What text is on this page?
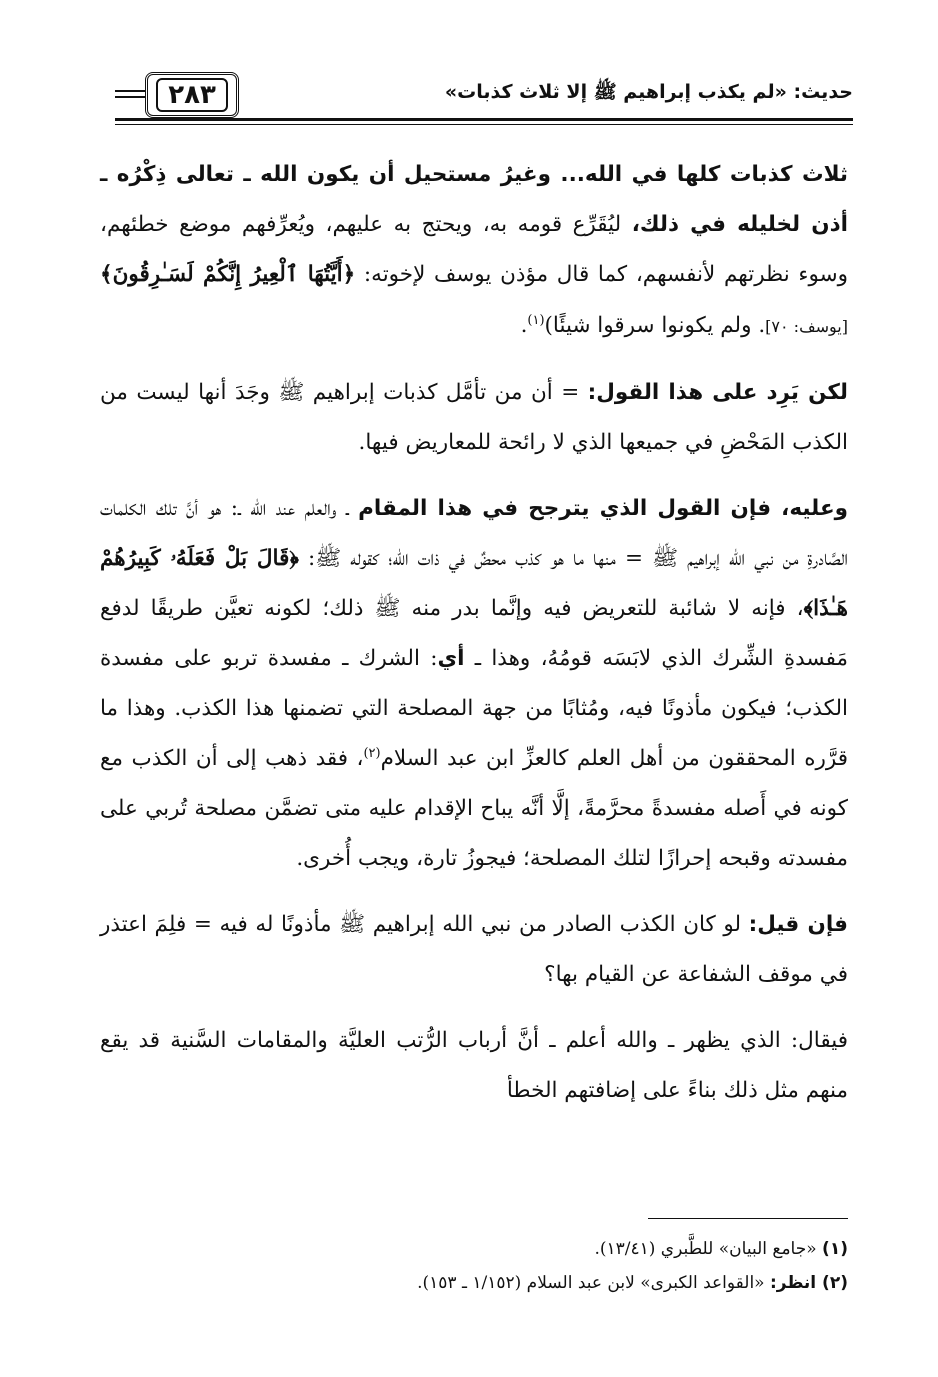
حديث: «لم يكذب إبراهيم ﷺ إلا ثلاث كذبات»
٢٨٣

ثلاث كذبات كلها في الله... وغيرُ مستحيل أن يكون الله ـ تعالى ذِكْرُه ـ أذن لخليله في ذلك، ليُقَرِّع قومه به، ويحتج به عليهم، ويُعرِّفهم موضع خطئهم، وسوء نظرتهم لأنفسهم، كما قال مؤذن يوسف لإخوته: ﴿أَيَّتُهَا ٱلْعِيرُ إِنَّكُمْ لَسَـٰرِقُونَ﴾ [يوسف: ٧٠]. ولم يكونوا سرقوا شيئًا)$^{(١)}$.

لكن يَرِد على هذا القول: = أن من تأمَّل كذبات إبراهيم ﷺ وجَدَ أنها ليست من الكذب المَحْضِ في جميعها الذي لا رائحة للمعاريض فيها.

وعليه، فإن القول الذي يترجح في هذا المقام ـ والعلم عند الله ـ: هو أنَّ تلك الكلمات الصَّادرةِ من نبي الله إبراهيم ﷺ = منها ما هو كذب محضٌ في ذات الله؛ كقوله ﷺ: ﴿قَالَ بَلْ فَعَلَهُۥ كَبِيرُهُمْ هَـٰذَا﴾، فإنه لا شائبة للتعريض فيه وإنَّما بدر منه ﷺ ذلك؛ لكونه تعيَّن طريقًا لدفع مَفسدةِ الشِّرك الذي لابَسَه قومُهُ، وهذا ـ أي: الشرك ـ مفسدة تربو على مفسدة الكذب؛ فيكون مأذونًا فيه، ومُثابًا من جهة المصلحة التي تضمنها هذا الكذب. وهذا ما قرَّره المحققون من أهل العلم كالعزِّ ابن عبد السلام$^{(٢)}$، فقد ذهب إلى أن الكذب مع كونه في أَصله مفسدةً محرَّمةً، إلَّا أنَّه يباح الإقدام عليه متى تضمَّن مصلحة تُربي على مفسدته وقبحه إحرازًا لتلك المصلحة؛ فيجوزُ تارة، ويجب أُخرى.

فإن قيل: لو كان الكذب الصادر من نبي الله إبراهيم ﷺ مأذونًا له فيه = فلِمَ اعتذر في موقف الشفاعة عن القيام بها؟

فيقال: الذي يظهر ـ والله أعلم ـ أنَّ أرباب الرُّتب العليَّة والمقامات السَّنية قد يقع منهم مثل ذلك بناءً على إضافتهم الخطأ

(١) «جامع البيان» للطَّبري (١٣/٤١).

(٢) انظر: «القواعد الكبرى» لابن عبد السلام (١/١٥٢ ـ ١٥٣).
